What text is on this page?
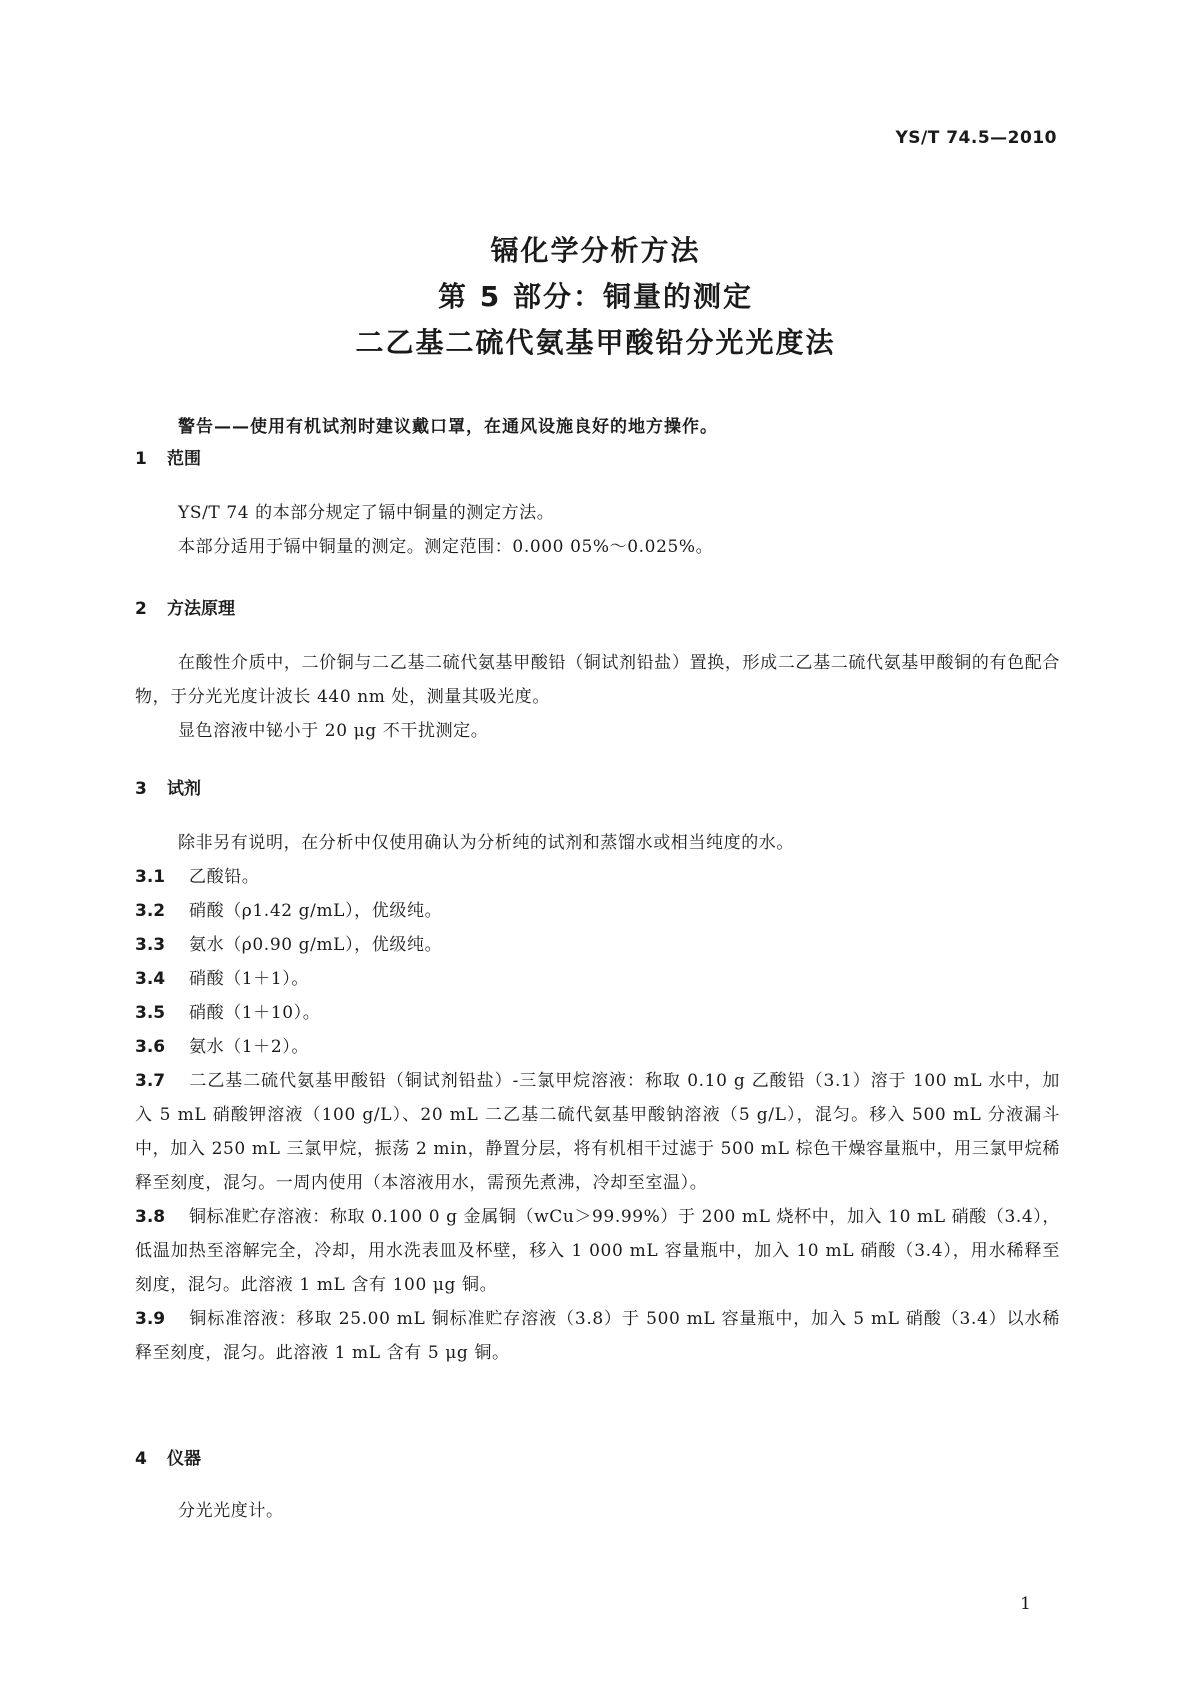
YS/T 74.5—2010
镉化学分析方法
第 5 部分：铜量的测定
二乙基二硫代氨基甲酸铅分光光度法
警告——使用有机试剂时建议戴口罩，在通风设施良好的地方操作。
1 范围
YS/T 74 的本部分规定了镉中铜量的测定方法。
本部分适用于镉中铜量的测定。测定范围：0.000 05%～0.025%。
2 方法原理
在酸性介质中，二价铜与二乙基二硫代氨基甲酸铅（铜试剂铅盐）置换，形成二乙基二硫代氨基甲酸铜的有色配合物，于分光光度计波长 440 nm 处，测量其吸光度。
显色溶液中铋小于 20 μg 不干扰测定。
3 试剂
除非另有说明，在分析中仅使用确认为分析纯的试剂和蒸馏水或相当纯度的水。
3.1 乙酸铅。
3.2 硝酸（ρ1.42 g/mL），优级纯。
3.3 氨水（ρ0.90 g/mL），优级纯。
3.4 硝酸（1＋1）。
3.5 硝酸（1＋10）。
3.6 氨水（1＋2）。
3.7 二乙基二硫代氨基甲酸铅（铜试剂铅盐）-三氯甲烷溶液：称取 0.10 g 乙酸铅（3.1）溶于 100 mL 水中，加入 5 mL 硝酸钾溶液（100 g/L）、20 mL 二乙基二硫代氨基甲酸钠溶液（5 g/L），混匀。移入 500 mL 分液漏斗中，加入 250 mL 三氯甲烷，振荡 2 min，静置分层，将有机相干过滤于 500 mL 棕色干燥容量瓶中，用三氯甲烷稀释至刻度，混匀。一周内使用（本溶液用水，需预先煮沸，冷却至室温）。
3.8 铜标准贮存溶液：称取 0.100 0 g 金属铜（wCu＞99.99%）于 200 mL 烧杯中，加入 10 mL 硝酸（3.4），低温加热至溶解完全，冷却，用水洗表皿及杯壁，移入 1 000 mL 容量瓶中，加入 10 mL 硝酸（3.4），用水稀释至刻度，混匀。此溶液 1 mL 含有 100 μg 铜。
3.9 铜标准溶液：移取 25.00 mL 铜标准贮存溶液（3.8）于 500 mL 容量瓶中，加入 5 mL 硝酸（3.4）以水稀释至刻度，混匀。此溶液 1 mL 含有 5 μg 铜。
4 仪器
分光光度计。
1
